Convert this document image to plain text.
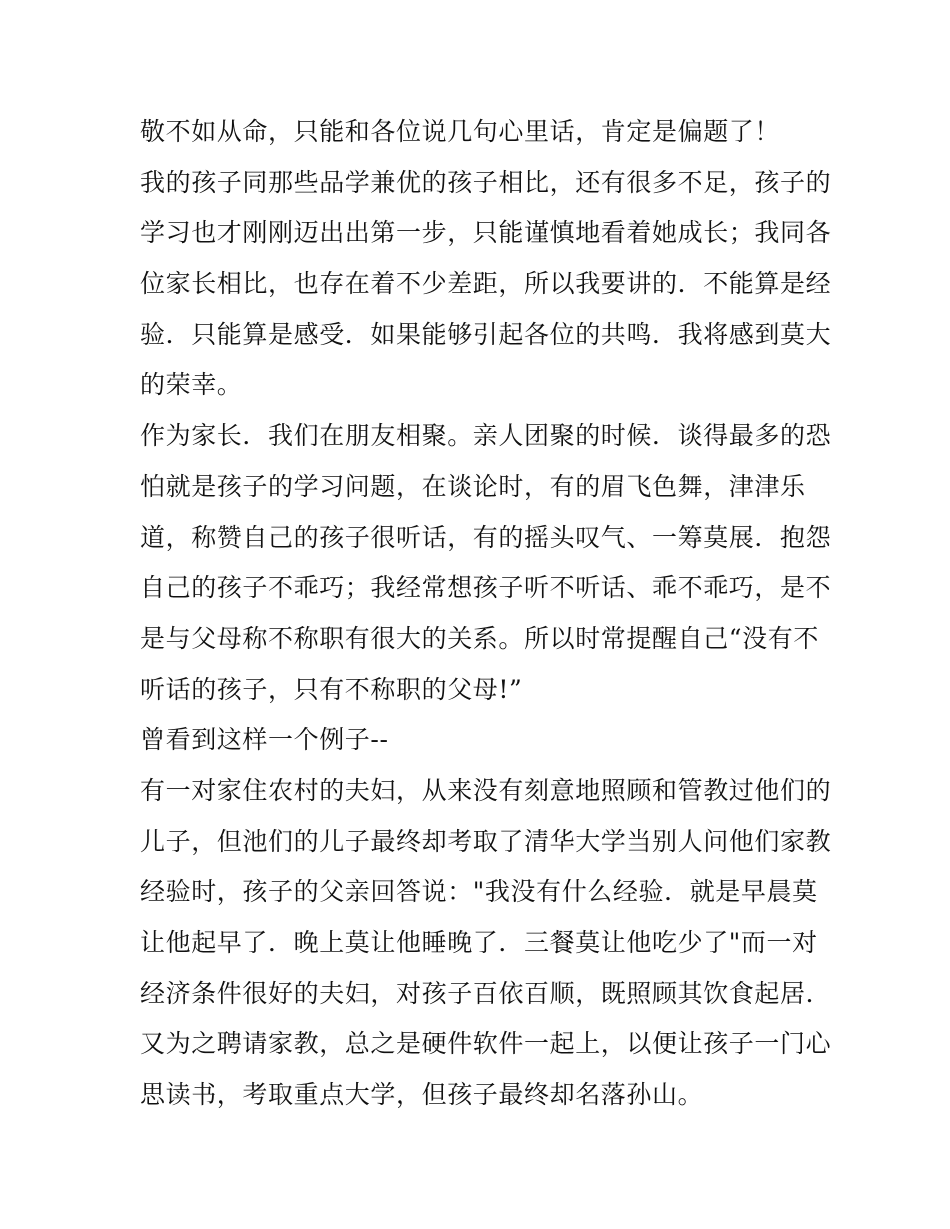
敬不如从命，只能和各位说几句心里话，肯定是偏题了！
我的孩子同那些品学兼优的孩子相比，还有很多不足，孩子的
学习也才刚刚迈出出第一步，只能谨慎地看着她成长；我同各
位家长相比，也存在着不少差距，所以我要讲的．不能算是经
验．只能算是感受．如果能够引起各位的共鸣．我将感到莫大
的荣幸。
作为家长．我们在朋友相聚。亲人团聚的时候．谈得最多的恐
怕就是孩子的学习问题，在谈论时，有的眉飞色舞，津津乐
道，称赞自己的孩子很听话，有的摇头叹气、一筹莫展．抱怨
自己的孩子不乖巧；我经常想孩子听不听话、乖不乖巧，是不
是与父母称不称职有很大的关系。所以时常提醒自己“没有不
听话的孩子，只有不称职的父母!”
曾看到这样一个例子--
有一对家住农村的夫妇，从来没有刻意地照顾和管教过他们的
儿子，但池们的儿子最终却考取了清华大学当别人问他们家教
经验时，孩子的父亲回答说："我没有什么经验．就是早晨莫
让他起早了．晚上莫让他睡晚了．三餐莫让他吃少了"而一对
经济条件很好的夫妇，对孩子百依百顺，既照顾其饮食起居．
又为之聘请家教，总之是硬件软件一起上，以便让孩子一门心
思读书，考取重点大学，但孩子最终却名落孙山。
